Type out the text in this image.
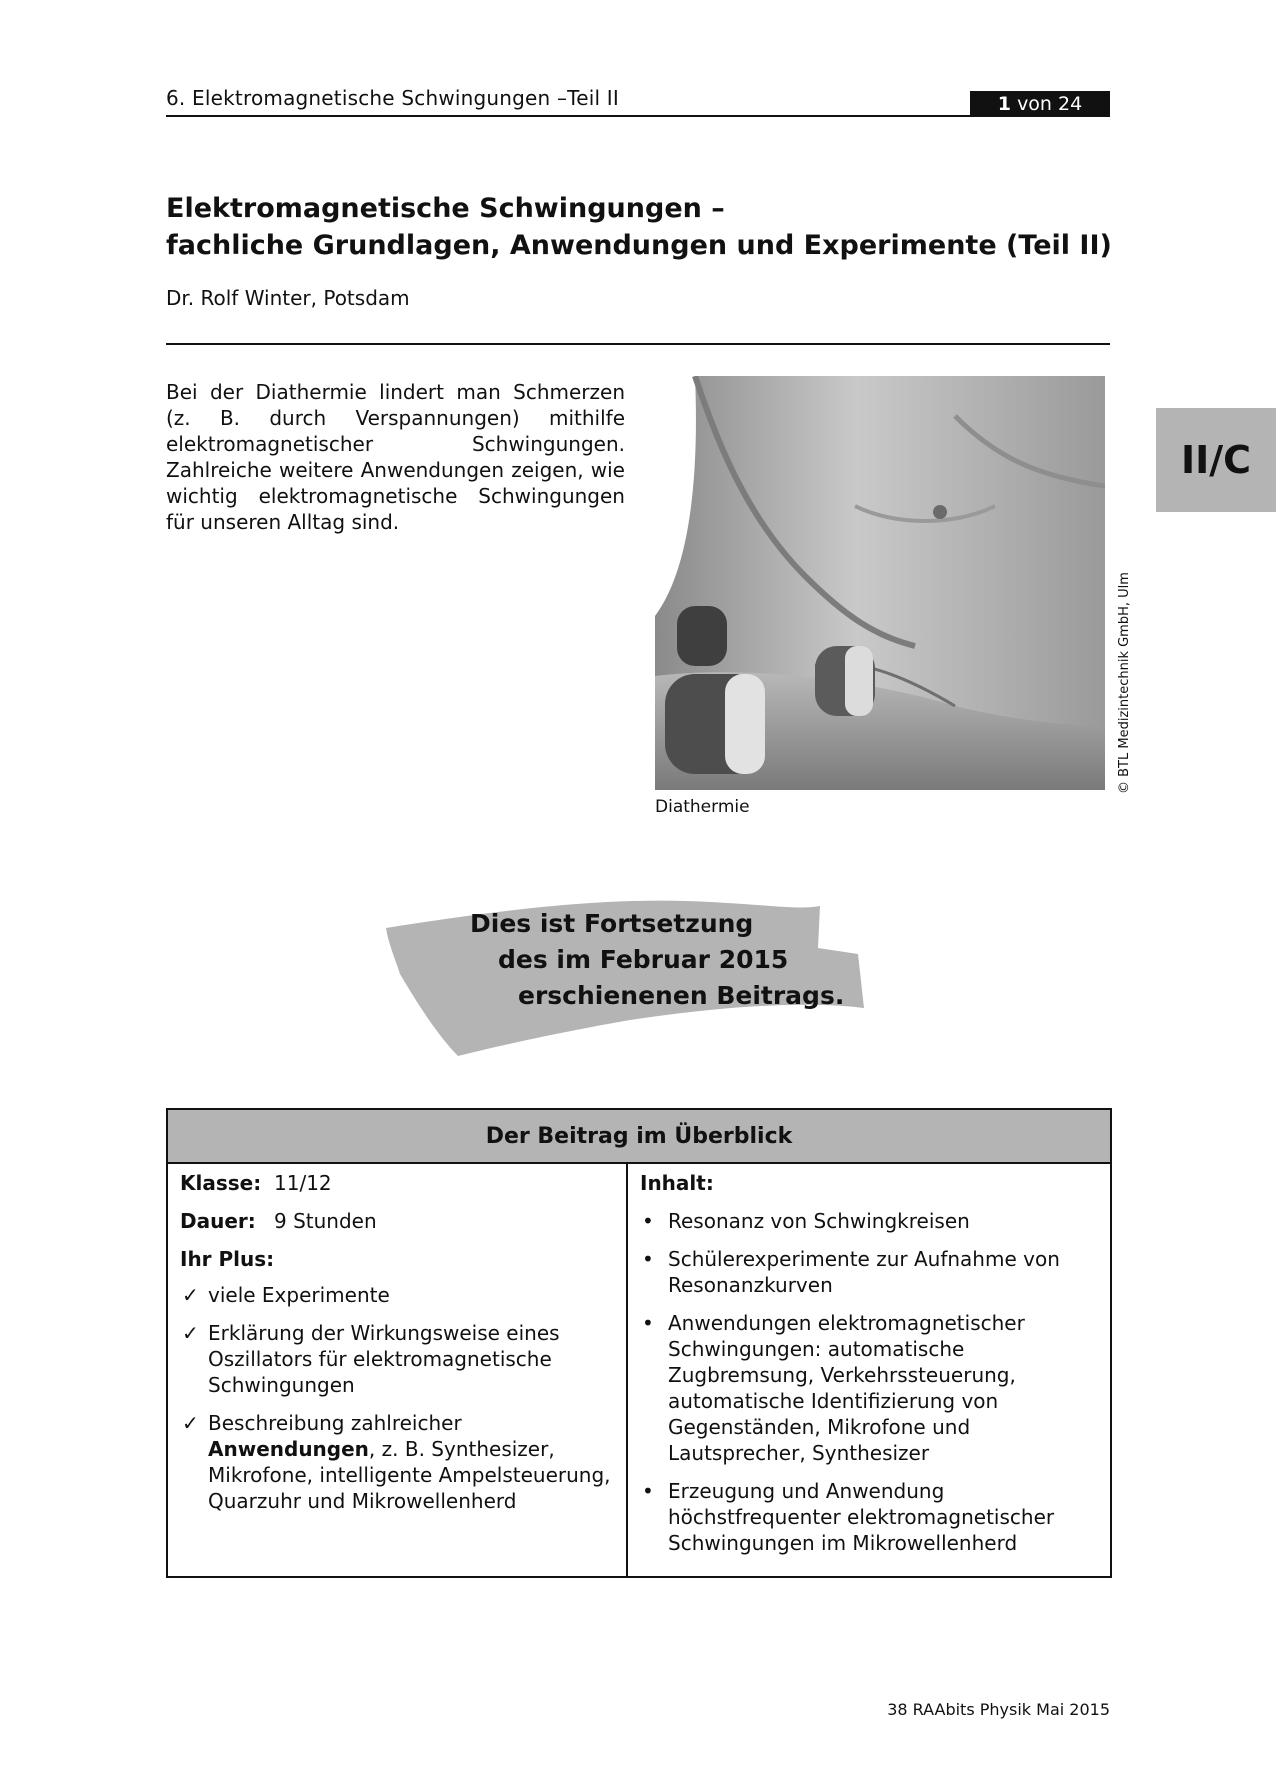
6. Elektromagnetische Schwingungen –Teil II	1 von 24
Elektromagnetische Schwingungen –
fachliche Grundlagen, Anwendungen und Experimente (Teil II)
Dr. Rolf Winter, Potsdam
Bei der Diathermie lindert man Schmerzen (z. B. durch Verspannungen) mithilfe elektromagnetischer Schwingungen. Zahlreiche weitere Anwendungen zeigen, wie wichtig elektromagnetische Schwingungen für unseren Alltag sind.
II/C
© BTL Medizintechnik GmbH, Ulm
Diathermie
Dies ist Fortsetzung
des im Februar 2015
erschienenen Beitrags.
Der Beitrag im Überblick
Klasse: 11/12
Dauer: 9 Stunden
Ihr Plus:
✓ viele Experimente
✓ Erklärung der Wirkungsweise eines Oszillators für elektromagnetische Schwingungen
✓ Beschreibung zahlreicher Anwendungen, z. B. Synthesizer, Mikrofone, intelligente Ampelsteuerung, Quarzuhr und Mikrowellenherd
Inhalt:
• Resonanz von Schwingkreisen
• Schülerexperimente zur Aufnahme von Resonanzkurven
• Anwendungen elektromagnetischer Schwingungen: automatische Zugbremsung, Verkehrssteuerung, automatische Identifizierung von Gegenständen, Mikrofone und Lautsprecher, Synthesizer
• Erzeugung und Anwendung höchstfrequenter elektromagnetischer Schwingungen im Mikrowellenherd
38 RAAbits Physik Mai 2015
